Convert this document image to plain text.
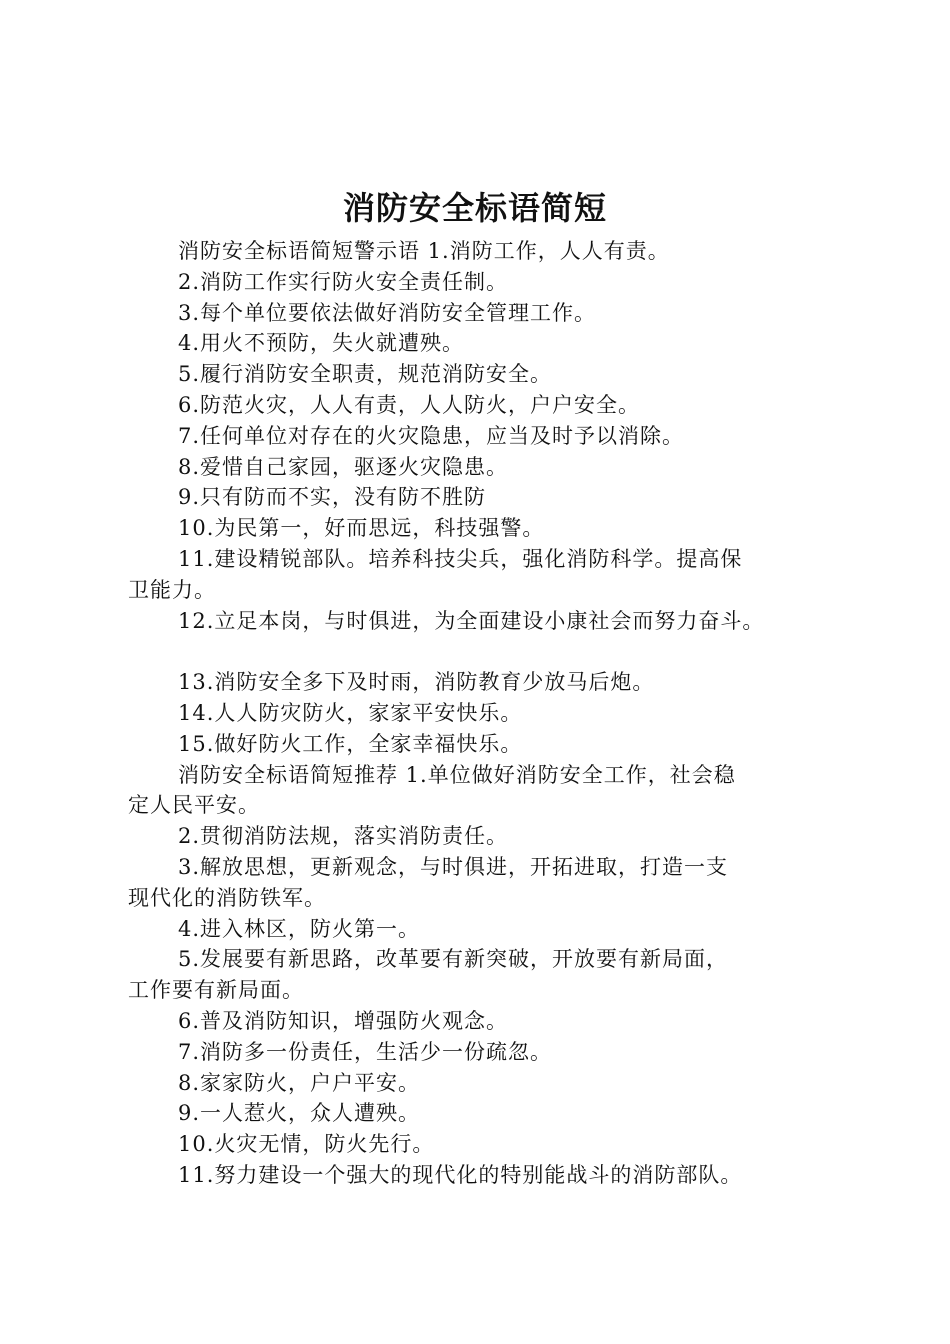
消防安全标语简短
消防安全标语简短警示语 1.消防工作，人人有责。
2.消防工作实行防火安全责任制。
3.每个单位要依法做好消防安全管理工作。
4.用火不预防，失火就遭殃。
5.履行消防安全职责，规范消防安全。
6.防范火灾，人人有责，人人防火，户户安全。
7.任何单位对存在的火灾隐患，应当及时予以消除。
8.爱惜自己家园，驱逐火灾隐患。
9.只有防而不实，没有防不胜防
10.为民第一，好而思远，科技强警。
11.建设精锐部队。培养科技尖兵，强化消防科学。提高保
卫能力。
12.立足本岗，与时俱进，为全面建设小康社会而努力奋斗。
13.消防安全多下及时雨，消防教育少放马后炮。
14.人人防灾防火，家家平安快乐。
15.做好防火工作，全家幸福快乐。
消防安全标语简短推荐 1.单位做好消防安全工作，社会稳
定人民平安。
2.贯彻消防法规，落实消防责任。
3.解放思想，更新观念，与时俱进，开拓进取，打造一支
现代化的消防铁军。
4.进入林区，防火第一。
5.发展要有新思路，改革要有新突破，开放要有新局面，
工作要有新局面。
6.普及消防知识，增强防火观念。
7.消防多一份责任，生活少一份疏忽。
8.家家防火，户户平安。
9.一人惹火，众人遭殃。
10.火灾无情，防火先行。
11.努力建设一个强大的现代化的特别能战斗的消防部队。
